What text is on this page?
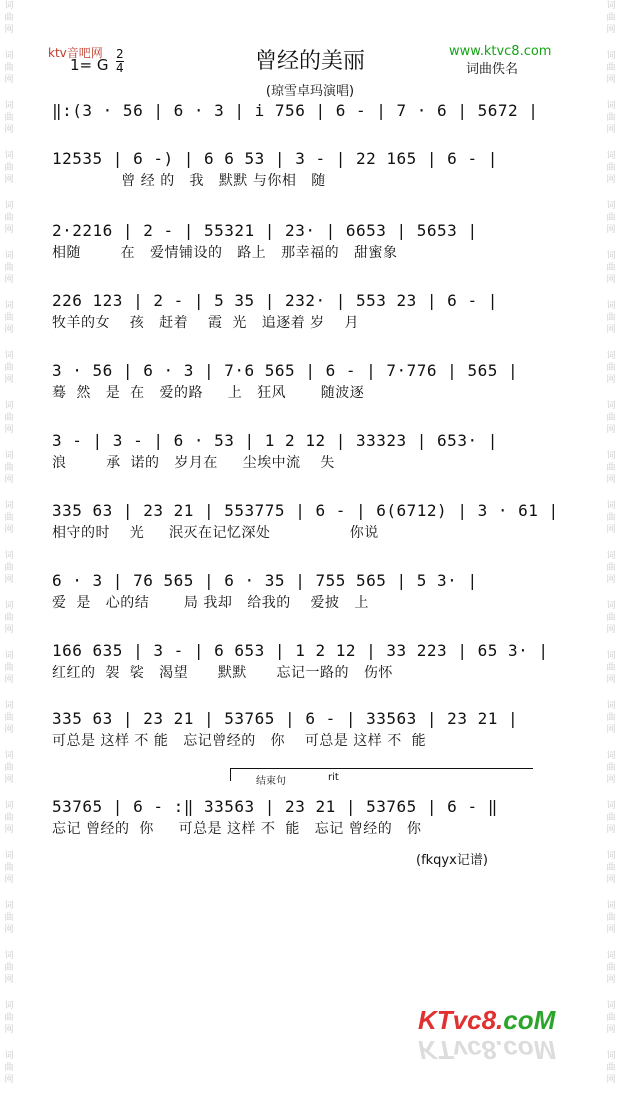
词
曲
网
词
曲
网
词
曲
网
词
曲
网
词
曲
网
词
曲
网
词
曲
网
词
曲
网
词
曲
网
词
曲
网
词
曲
网
词
曲
网
词
曲
网
词
曲
网
词
曲
网
词
曲
网
词
曲
网
词
曲
网
词
曲
网
词
曲
网
词
曲
网
词
曲
网
词
曲
网
词
曲
网
词
曲
网
词
曲
网
词
曲
网
词
曲
网
词
曲
网
词
曲
网
词
曲
网
词
曲
网
词
曲
网
词
曲
网
词
曲
网
词
曲
网
词
曲
网
词
曲
网
词
曲
网
词
曲
网
词
曲
网
词
曲
网
词
曲
网
词
曲
网
ktv音吧网
1= G $\frac{2}{4}$	曾经的美丽
(琼雪卓玛演唱)
www.ktvc8.com
词曲佚名
‖:(3 · 56 | 6 · 3 | i 756 | 6 - | 7 · 6 | 5672 |
12535 | 6 -) | 6 6 53 | 3 - | 22 165 | 6 - |
曾 经 的   我   默默 与你相   随
2·2216 | 2 - | 55321 | 23· | 6653 | 5653 |
相随        在   爱情铺设的   路上   那幸福的   甜蜜象
226 123 | 2 - | 5 35 | 232· | 553 23 | 6 - |
牧羊的女    孩   赶着    霞  光   追逐着 岁    月
3 · 56 | 6 · 3 | 7·6 565 | 6 - | 7·776 | 565 |
蓦  然   是  在   爱的路     上   狂风       随波逐
3 - | 3 - | 6 · 53 | 1 2 12 | 33323 | 653· |
浪        承  诺的   岁月在     尘埃中流    失
335 63 | 23 21 | 553775 | 6 - | 6(6712) | 3 · 61 |
相守的时    光     泯灭在记忆深处                你说
6 · 3 | 76 565 | 6 · 35 | 755 565 | 5 3· |
爱  是   心的结       局 我却   给我的    爱披   上
166 635 | 3 - | 6 653 | 1 2 12 | 33 223 | 65 3· |
红红的  袈  裟   渴望      默默      忘记一路的   伤怀
335 63 | 23 21 | 53765 | 6 - | 33563 | 23 21 |
可总是 这样 不 能   忘记曾经的   你    可总是 这样 不  能
结束句	rit
53765 | 6 - :‖ 33563 | 23 21 | 53765 | 6 - ‖
忘记 曾经的  你     可总是 这样 不  能   忘记 曾经的   你
(fkqyx记谱)
KTvc8.coM
KTvc8.coM
